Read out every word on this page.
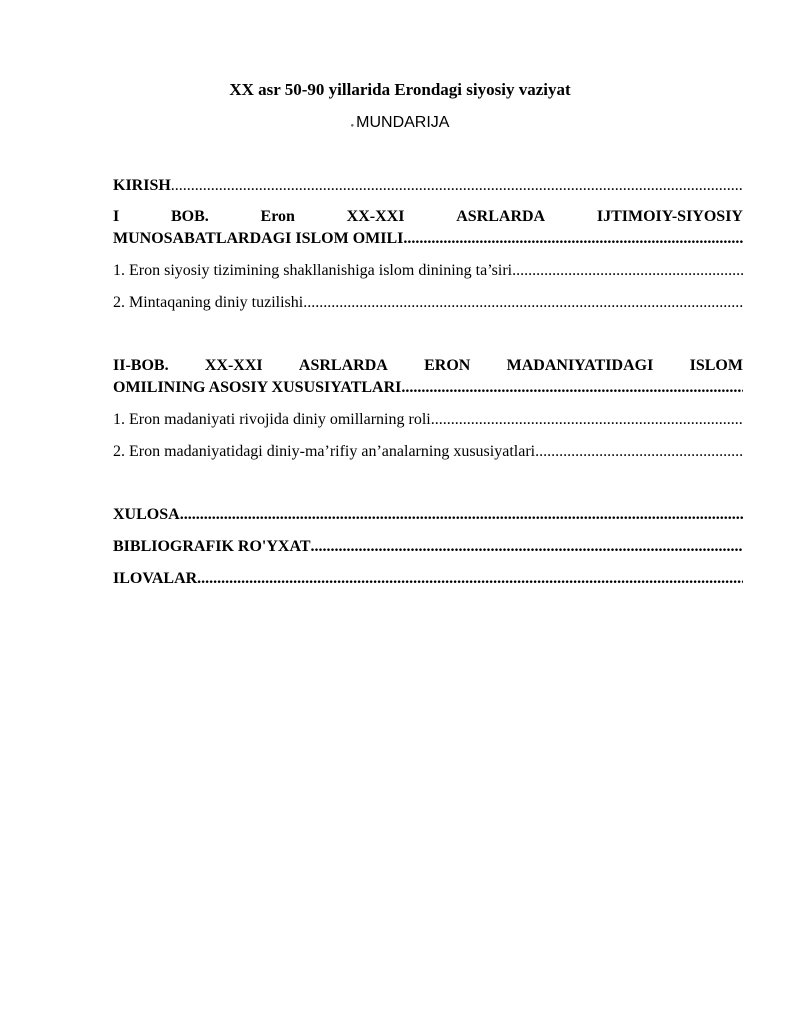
XX asr 50-90 yillarida Erondagi siyosiy vaziyat
● MUNDARIJA
KIRISH
.....
I	BOB.	Eron	XX-XXI	ASRLARDA	IJTIMOIY-SIYOSIY
MUNOSABATLARDAGI ISLOM OMILI
.....
1. Eron siyosiy tizimining shakllanishiga islom dinining ta’siri
.....
2. Mintaqaning diniy tuzilishi
.....
II-BOB. XX-XXI ASRLARDA ERON MADANIYATIDAGI ISLOM
OMILINING ASOSIY XUSUSIYATLARI
.....
1. Eron madaniyati rivojida diniy omillarning roli
.....
2. Eron madaniyatidagi diniy-ma’rifiy an’analarning xususiyatlari
.....
XULOSA
.....
BIBLIOGRAFIK RO'YXAT
.....
ILOVALAR
.....
